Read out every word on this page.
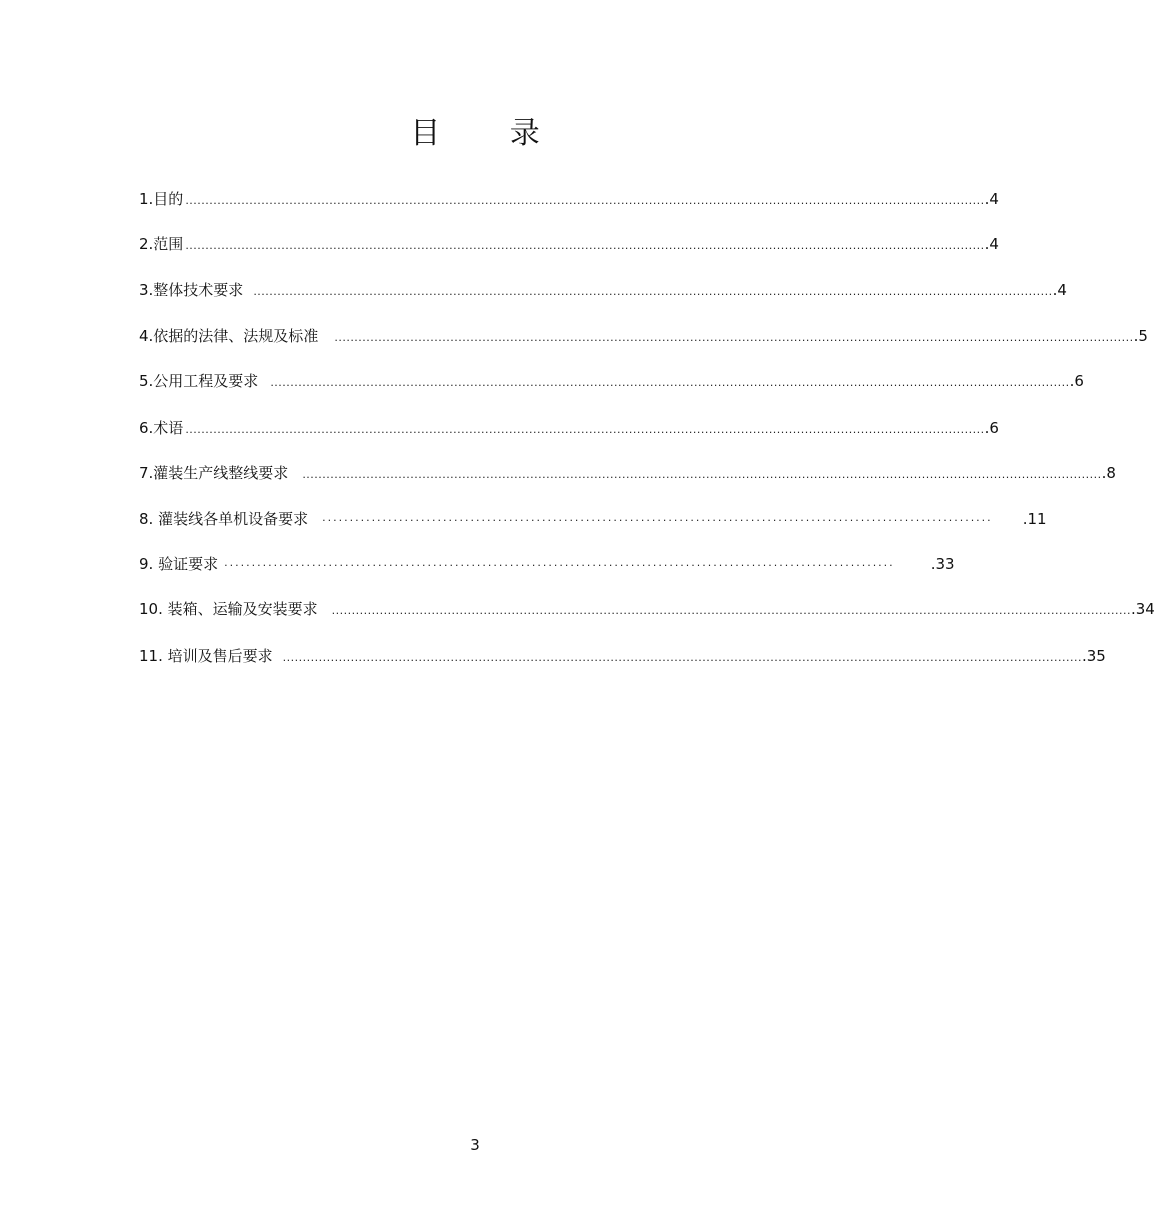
目 录
1.目的 ........................................................................................................................................................................................................ .4
2.范围 ........................................................................................................................................................................................................ .4
3.整体技术要求 ........................................................................................................................................................................................................ .4
4.依据的法律、法规及标准 ........................................................................................................................................................................................................ .5
5.公用工程及要求 ........................................................................................................................................................................................................ .6
6.术语 ........................................................................................................................................................................................................ .6
7.灌装生产线整线要求 ........................................................................................................................................................................................................ .8
8. 灌装线各单机设备要求 ·························································································································· .11
9. 验证要求 ·························································································································· .33
10. 装箱、运输及安装要求 ........................................................................................................................................................................................................ .34
11. 培训及售后要求 ........................................................................................................................................................................................................ .35
3
